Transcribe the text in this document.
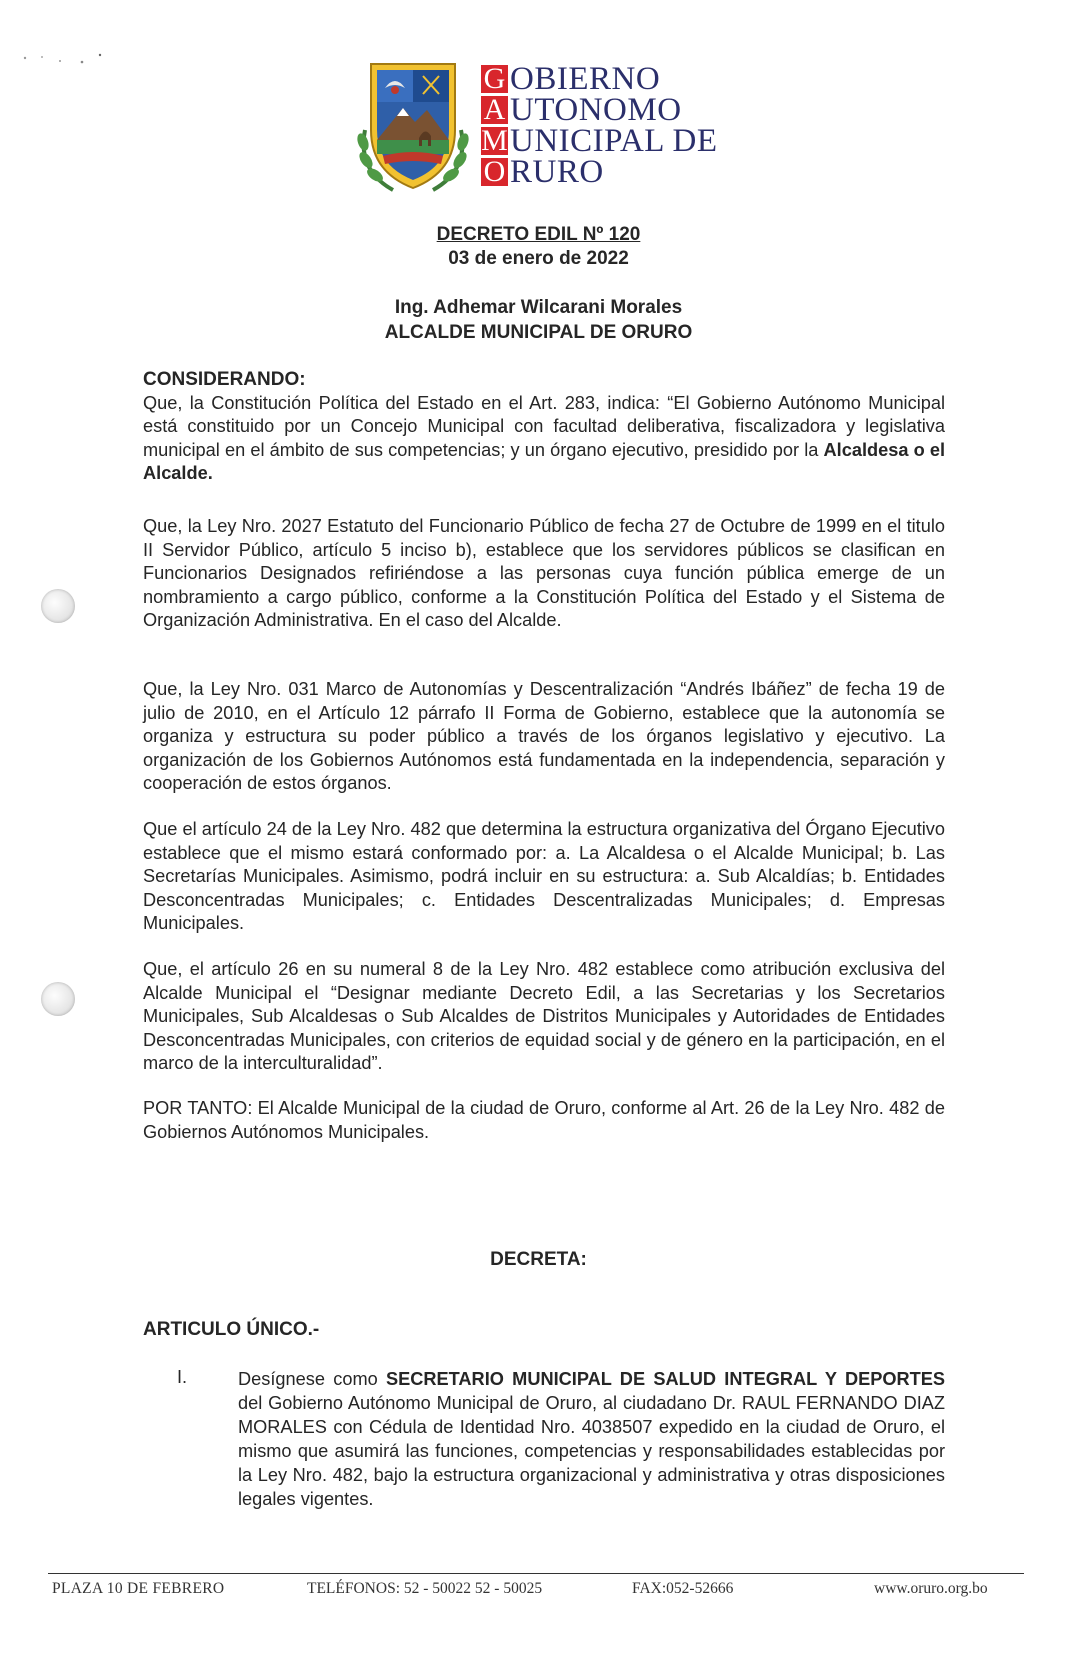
G OBIERNO
A UTONOMO
M UNICIPAL DE
O RURO
DECRETO EDIL Nº 120
03 de enero de 2022
Ing. Adhemar Wilcarani Morales
ALCALDE MUNICIPAL DE ORURO
CONSIDERANDO:

Que, la Constitución Política del Estado en el Art. 283, indica: “El Gobierno Autónomo Municipal está constituido por un Concejo Municipal con facultad deliberativa, fiscalizadora y legislativa municipal en el ámbito de sus competencias; y un órgano ejecutivo, presidido por la Alcaldesa o el Alcalde.

Que, la Ley Nro. 2027 Estatuto del Funcionario Público de fecha 27 de Octubre de 1999 en el titulo II Servidor Público, artículo 5 inciso b), establece que los servidores públicos se clasifican en Funcionarios Designados refiriéndose a las personas cuya función pública emerge de un nombramiento a cargo público, conforme a la Constitución Política del Estado y el Sistema de Organización Administrativa. En el caso del Alcalde.

Que, la Ley Nro. 031 Marco de Autonomías y Descentralización “Andrés Ibáñez” de fecha 19 de julio de 2010, en el Artículo 12 párrafo II Forma de Gobierno, establece que la autonomía se organiza y estructura su poder público a través de los órganos legislativo y ejecutivo. La organización de los Gobiernos Autónomos está fundamentada en la independencia, separación y cooperación de estos órganos.

Que el artículo 24 de la Ley Nro. 482 que determina la estructura organizativa del Órgano Ejecutivo establece que el mismo estará conformado por: a. La Alcaldesa o el Alcalde Municipal; b. Las Secretarías Municipales. Asimismo, podrá incluir en su estructura: a. Sub Alcaldías; b. Entidades Desconcentradas Municipales; c. Entidades Descentralizadas Municipales; d. Empresas Municipales.

Que, el artículo 26 en su numeral 8 de la Ley Nro. 482 establece como atribución exclusiva del Alcalde Municipal el “Designar mediante Decreto Edil, a las Secretarias y los Secretarios Municipales, Sub Alcaldesas o Sub Alcaldes de Distritos Municipales y Autoridades de Entidades Desconcentradas Municipales, con criterios de equidad social y de género en la participación, en el marco de la interculturalidad”.

POR TANTO: El Alcalde Municipal de la ciudad de Oruro, conforme al Art. 26 de la Ley Nro. 482 de Gobiernos Autónomos Municipales.

DECRETA:
ARTICULO ÚNICO.-
I.	Desígnese como SECRETARIO MUNICIPAL DE SALUD INTEGRAL Y DEPORTES del Gobierno Autónomo Municipal de Oruro, al ciudadano Dr. RAUL FERNANDO DIAZ MORALES con Cédula de Identidad Nro. 4038507 expedido en la ciudad de Oruro, el mismo que asumirá las funciones, competencias y responsabilidades establecidas por la Ley Nro. 482, bajo la estructura organizacional y administrativa y otras disposiciones legales vigentes.
PLAZA 10 DE FEBRERO	TELÉFONOS: 52 - 50022 52 - 50025	FAX:052-52666	www.oruro.org.bo
